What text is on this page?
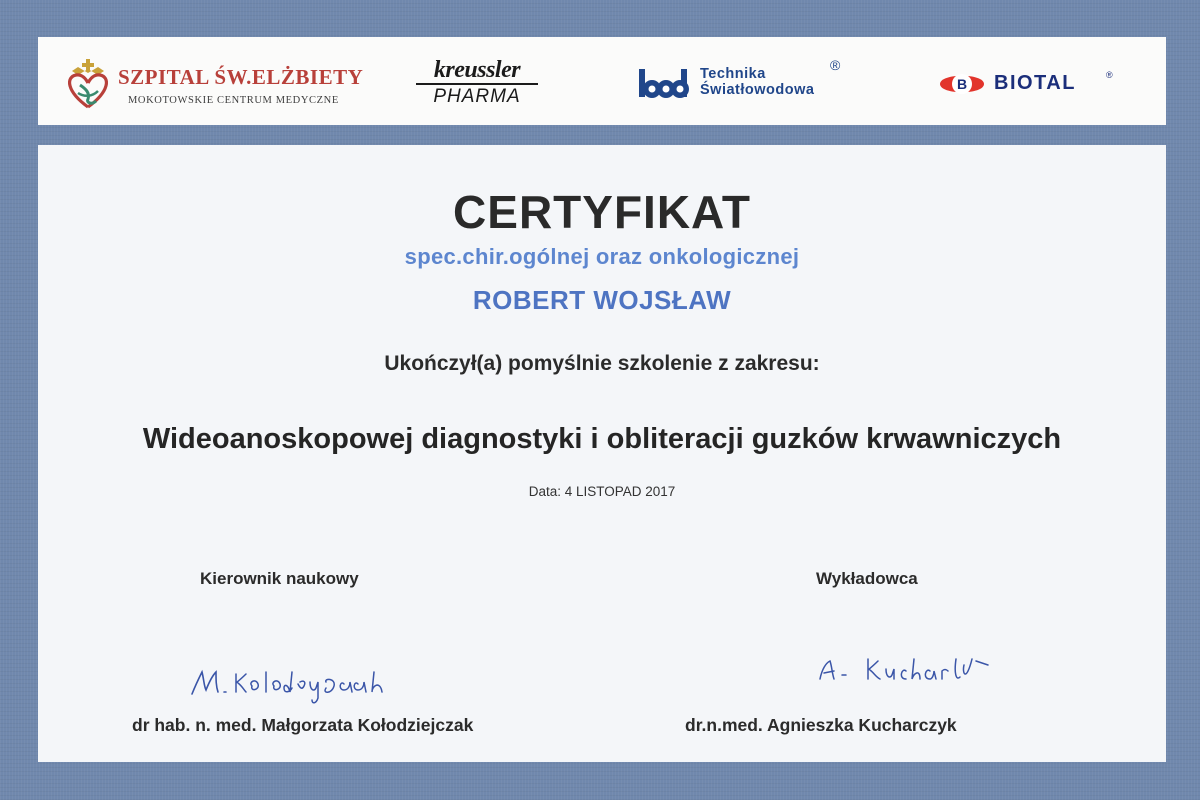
SZPITAL ŚW.ELŻBIETY
MOKOTOWSKIE CENTRUM MEDYCZNE
kreussler
PHARMA
Technika
Światłowodowa
®
B BIOTAL	®
CERTYFIKAT
spec.chir.ogólnej oraz onkologicznej
ROBERT WOJSŁAW
Ukończył(a) pomyślnie szkolenie z zakresu:
Wideoanoskopowej diagnostyki i obliteracji guzków krwawniczych
Data: 4 LISTOPAD 2017
Kierownik naukowy	Wykładowca
dr hab. n. med. Małgorzata Kołodziejczak	dr.n.med. Agnieszka Kucharczyk
